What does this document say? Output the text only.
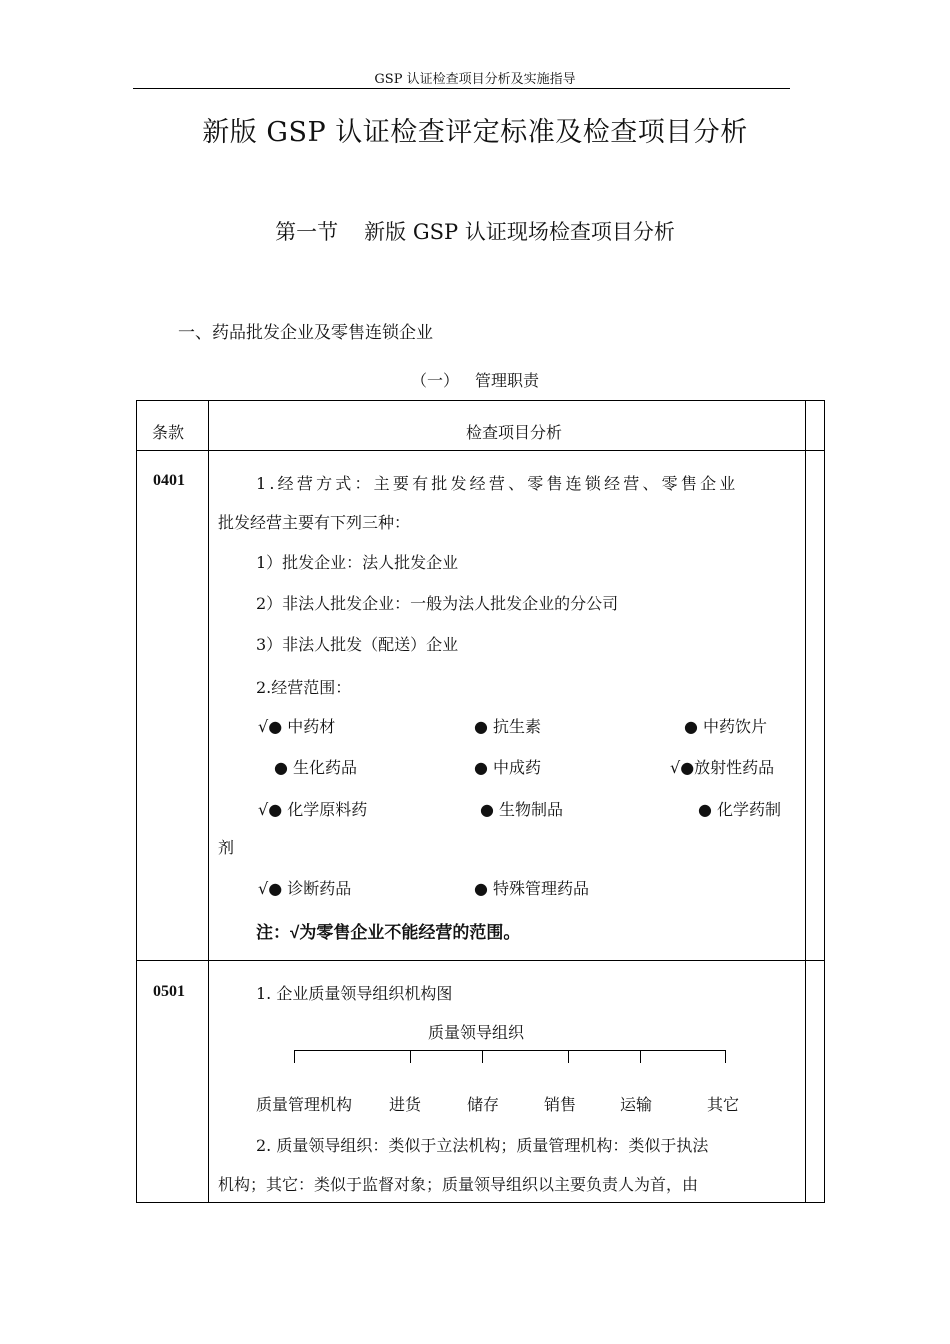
GSP 认证检查项目分析及实施指导
新版 GSP 认证检查评定标准及检查项目分析
第一节 新版 GSP 认证现场检查项目分析
一、药品批发企业及零售连锁企业
（一） 管理职责
条款	检查项目分析
0401	1.经营方式：主要有批发经营、零售连锁经营、零售企业
批发经营主要有下列三种：
1）批发企业：法人批发企业
2）非法人批发企业：一般为法人批发企业的分公司
3）非法人批发（配送）企业
2.经营范围：
√● 中药材	● 抗生素	● 中药饮片
● 生化药品	● 中成药	√●放射性药品
√● 化学原料药	● 生物制品	● 化学药制
剂
√● 诊断药品	● 特殊管理药品
注：√为零售企业不能经营的范围。
0501	1. 企业质量领导组织机构图
质量领导组织
质量管理机构 进货	储存	销售	运输	其它
2. 质量领导组织：类似于立法机构；质量管理机构：类似于执法
机构；其它：类似于监督对象；质量领导组织以主要负责人为首，由
